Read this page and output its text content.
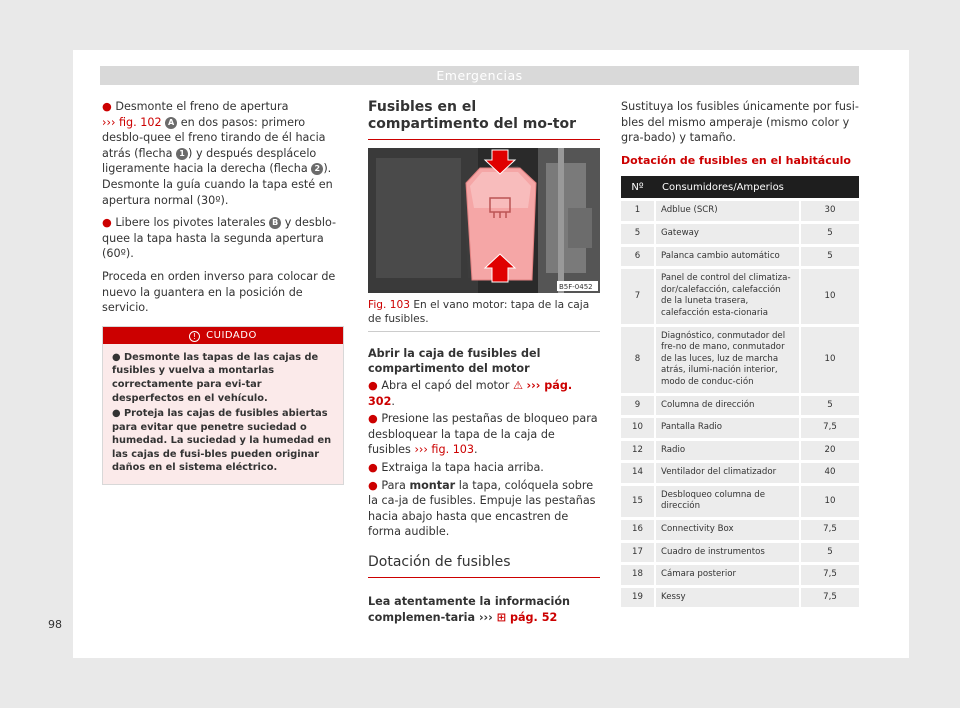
Emergencias

● Desmonte el freno de apertura
››› fig. 102 A en dos pasos: primero desblo-quee el freno tirando de él hacia atrás (flecha 1 ) y después desplácelo ligeramente hacia la derecha (flecha 2 ). Desmonte la guía cuando la tapa esté en apertura normal (30º).

● Libere los pivotes laterales B y desblo-quee la tapa hasta la segunda apertura (60º).

Proceda en orden inverso para colocar de nuevo la guantera en la posición de servicio.

! CUIDADO

● Desmonte las tapas de las cajas de fusibles y vuelva a montarlas correctamente para evi-tar desperfectos en el vehículo.

● Proteja las cajas de fusibles abiertas para evitar que penetre suciedad o humedad. La suciedad y la humedad en las cajas de fusi-bles pueden originar daños en el sistema eléctrico.

Fusibles en el compartimento del mo-tor
B5F-0452
Fig. 103 En el vano motor: tapa de la caja de fusibles.
Abrir la caja de fusibles del compartimento del motor

● Abra el capó del motor ⚠ ››› pág. 302.

● Presione las pestañas de bloqueo para desbloquear la tapa de la caja de fusibles ››› fig. 103.

● Extraiga la tapa hacia arriba.

● Para montar la tapa, colóquela sobre la ca-ja de fusibles. Empuje las pestañas hacia abajo hasta que encastren de forma audible.

Dotación de fusibles

Lea atentamente la información complemen-taria ››› ⊞ pág. 52

Sustituya los fusibles únicamente por fusi-bles del mismo amperaje (mismo color y gra-bado) y tamaño.

Dotación de fusibles en el habitáculo
Nº	Consumidores/Amperios	
1	Adblue (SCR)	30
5	Gateway	5
6	Palanca cambio automático	5
7	Panel de control del climatiza-dor/calefacción, calefacción de la luneta trasera, calefacción esta-cionaria	10
8	Diagnóstico, conmutador del fre-no de mano, conmutador de las luces, luz de marcha atrás, ilumi-nación interior, modo de conduc-ción	10
9	Columna de dirección	5
10	Pantalla Radio	7,5
12	Radio	20
14	Ventilador del climatizador	40
15	Desbloqueo columna de dirección	10
16	Connectivity Box	7,5
17	Cuadro de instrumentos	5
18	Cámara posterior	7,5
19	Kessy	7,5
98
